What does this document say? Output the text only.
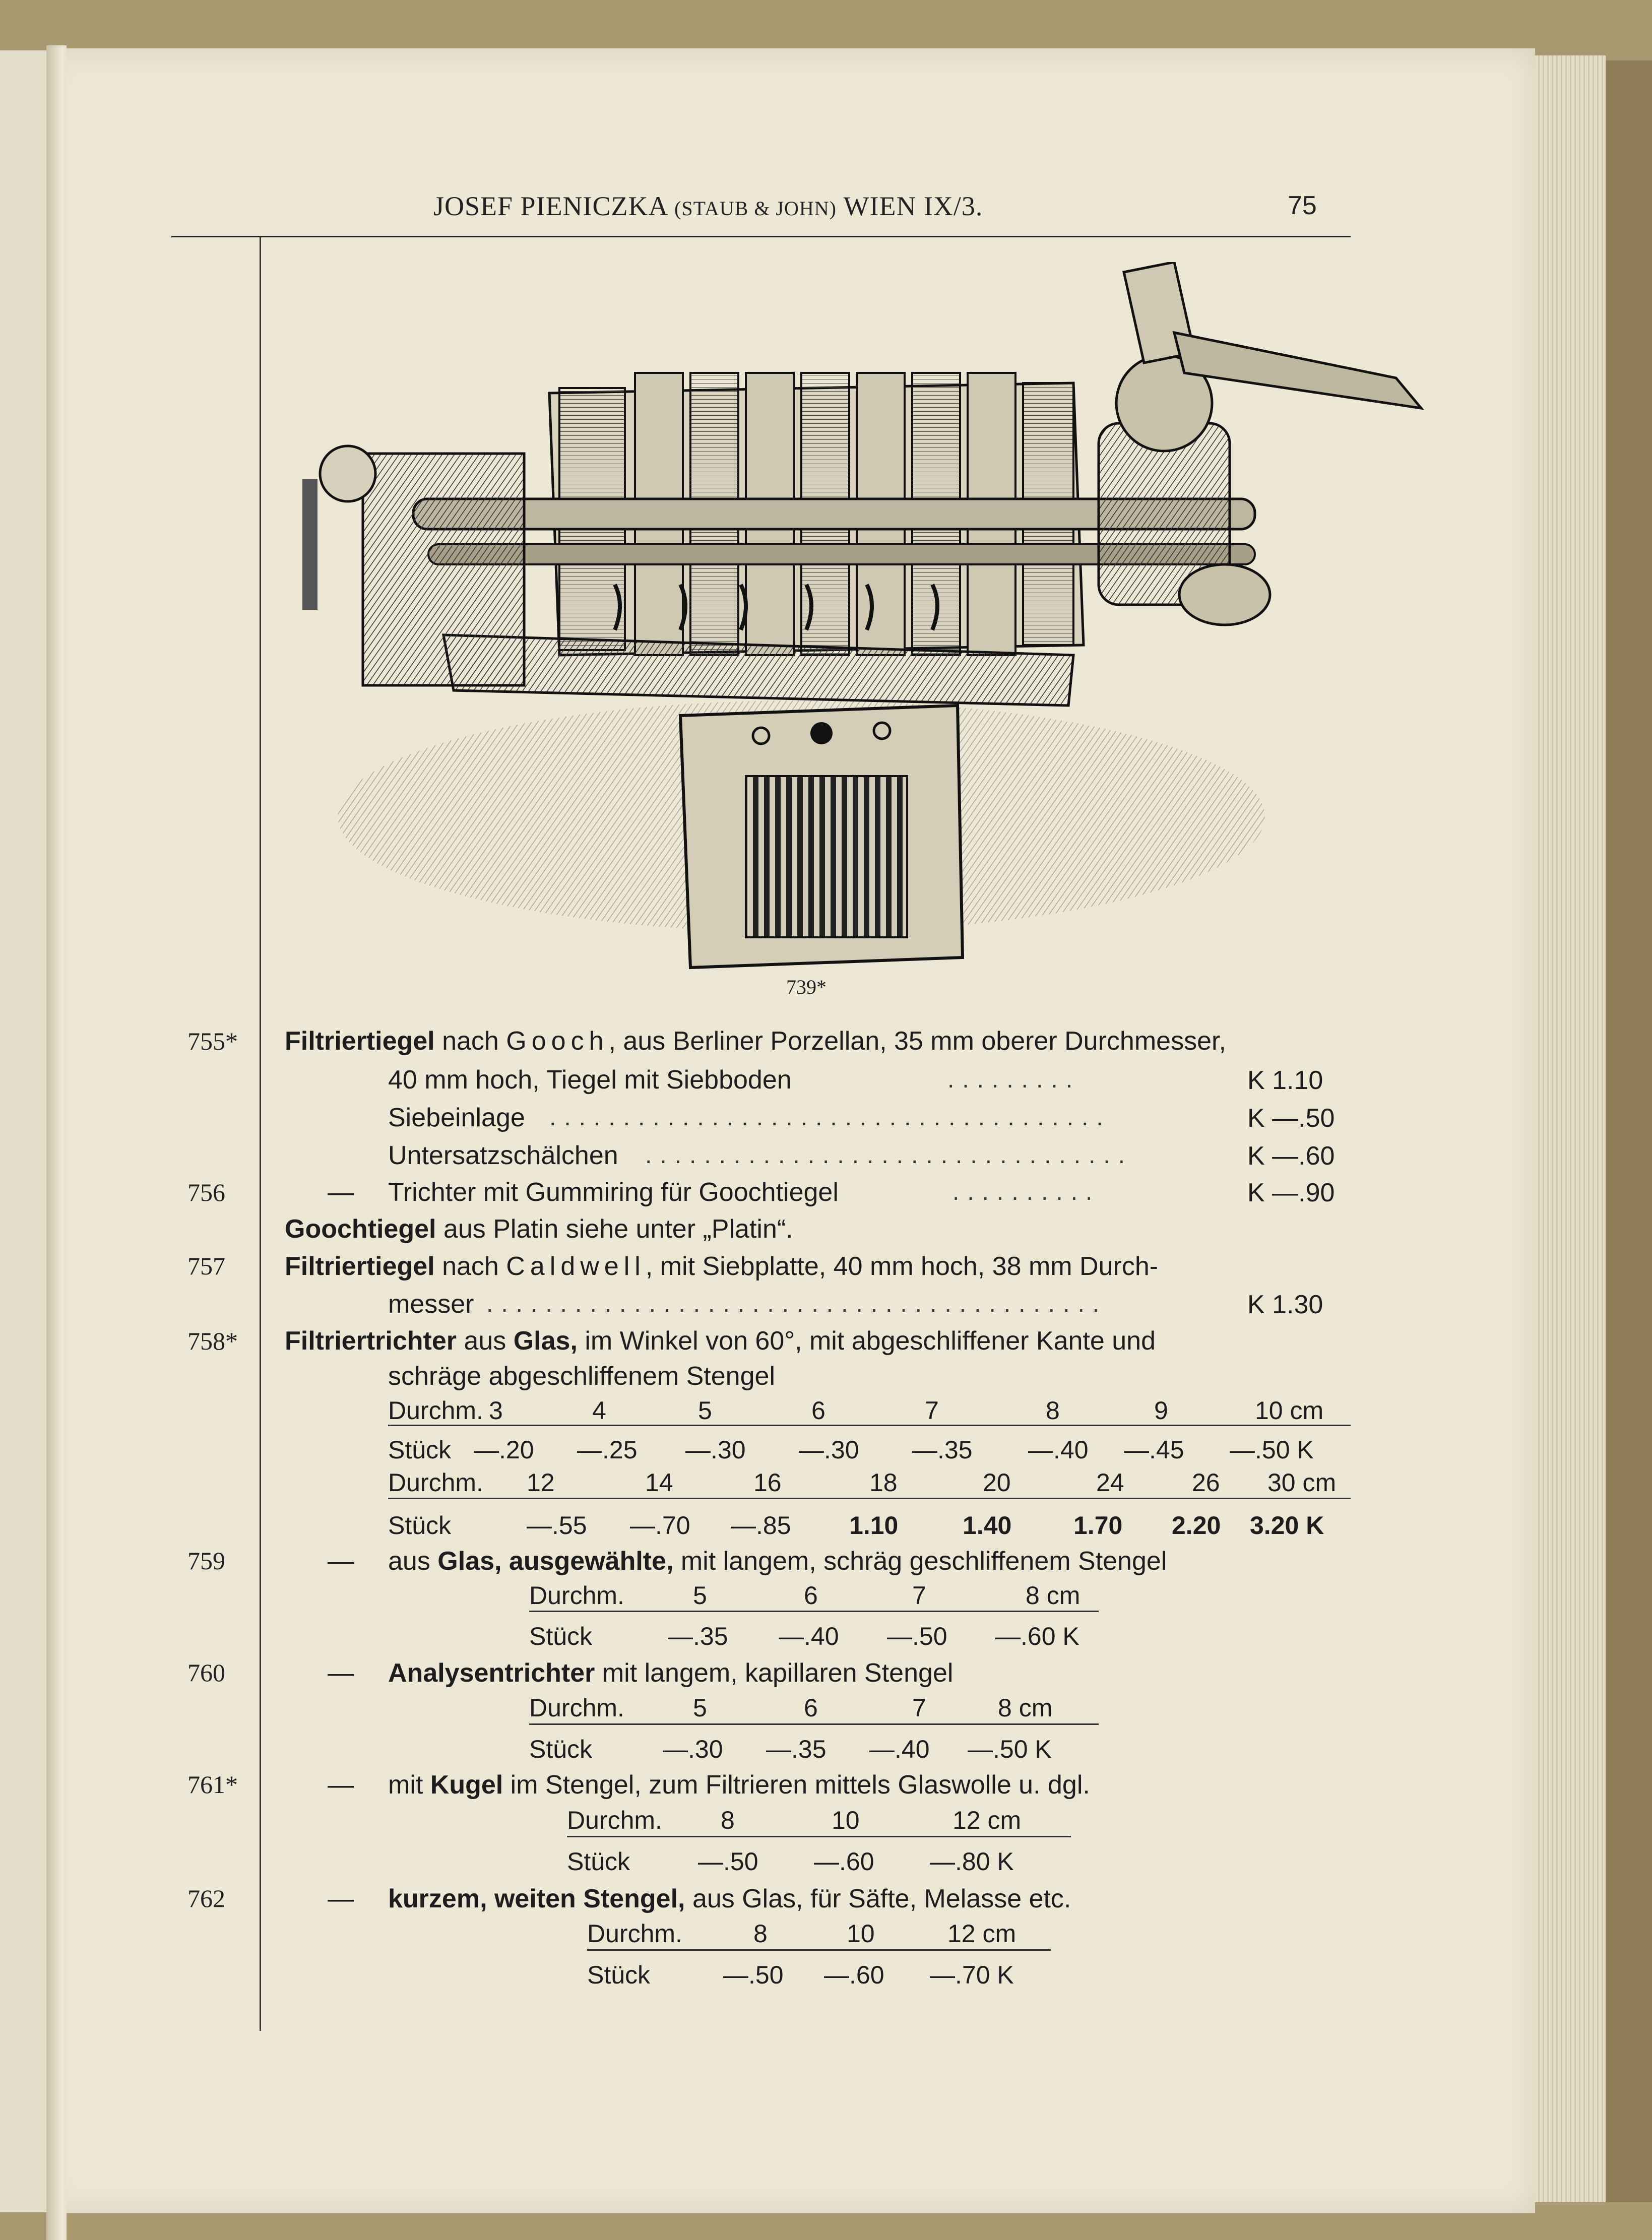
JOSEF PIENICZKA (STAUB & JOHN) WIEN IX/3.	75
739*
755* Filtriertiegel nach Gooch, aus Berliner Porzellan, 35 mm oberer Durchmesser,
40 mm hoch, Tiegel mit Siebboden	.........	K 1.10
Siebeinlage ......................................	K —.50
Untersatzschälchen .................................	K —.60
756	— Trichter mit Gummiring für Goochtiegel	..........	K —.90
Goochtiegel aus Platin siehe unter „Platin“.
757 Filtriertiegel nach Caldwell, mit Siebplatte, 40 mm hoch, 38 mm Durch-
messer ..........................................	K 1.30
758* Filtriertrichter aus Glas, im Winkel von 60°, mit abgeschliffener Kante und
schräge abgeschliffenem Stengel
Durchm. 3	4	5	6	7	8	9	10 cm
Stück —.20 —.25 —.30 —.30 —.35 —.40 —.45 —.50 K
Durchm. 12	14	16	18	20	24	26 30 cm
Stück	—.55 —.70 —.85 1.10	1.40 1.70 2.20 3.20 K
759	— aus Glas, ausgewählte, mit langem, schräg geschliffenem Stengel
Durchm.	5	6	7	8 cm
Stück	—.35 —.40 —.50 —.60 K
760	— Analysentrichter mit langem, kapillaren Stengel
Durchm.	5	6	7	8 cm
Stück	—.30 —.35 —.40 —.50 K
761*	— mit Kugel im Stengel, zum Filtrieren mittels Glaswolle u. dgl.
Durchm. 8	10	12 cm
Stück	—.50 —.60 —.80 K
762	— kurzem, weiten Stengel, aus Glas, für Säfte, Melasse etc.
Durchm.	8	10	12 cm
Stück	—.50 —.60 —.70 K
